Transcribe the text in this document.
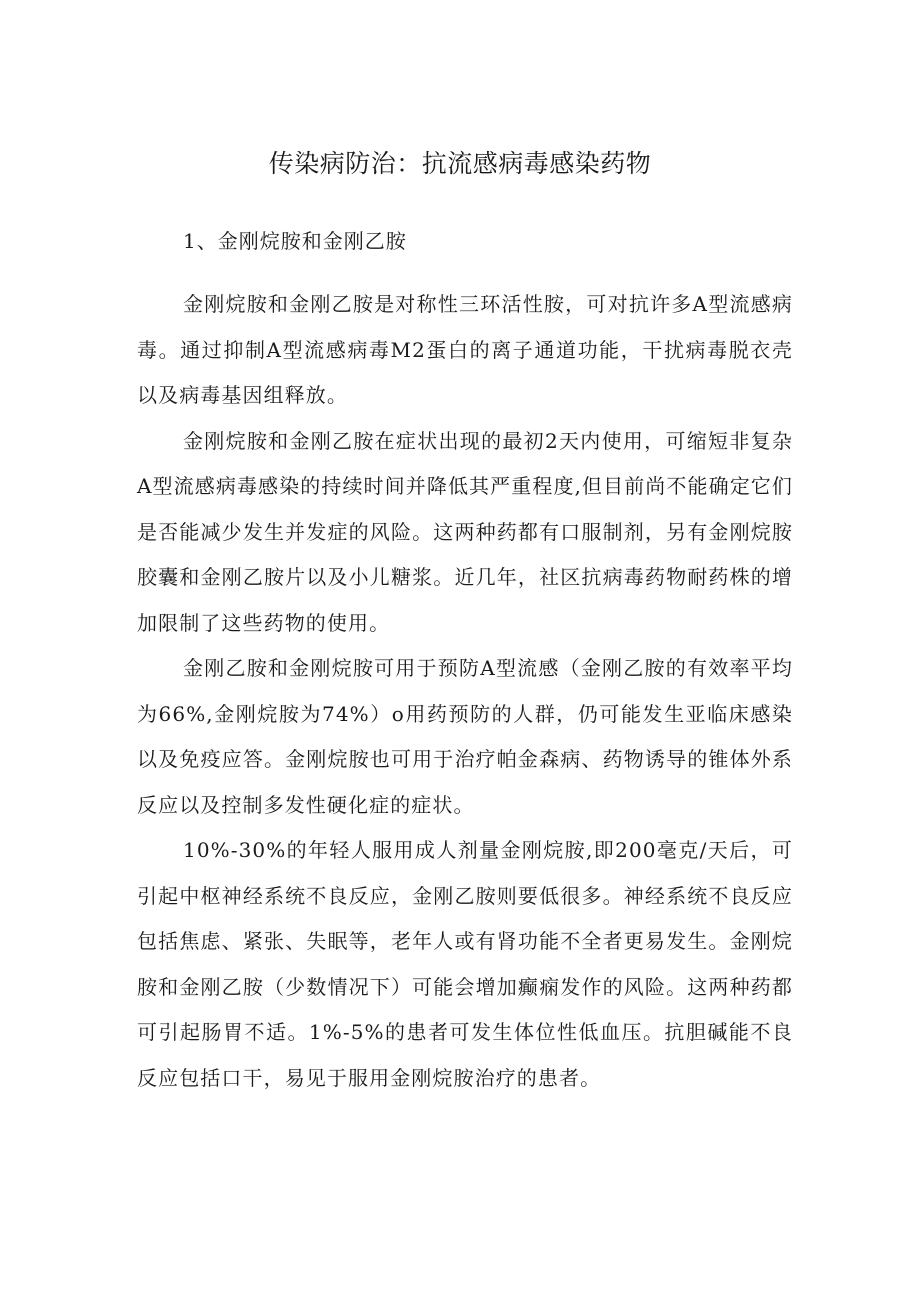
传染病防治：抗流感病毒感染药物

1、金刚烷胺和金刚乙胺

金刚烷胺和金刚乙胺是对称性三环活性胺，可对抗许多A型流感病毒。通过抑制A型流感病毒M2蛋白的离子通道功能，干扰病毒脱衣壳以及病毒基因组释放。

金刚烷胺和金刚乙胺在症状出现的最初2天内使用，可缩短非复杂A型流感病毒感染的持续时间并降低其严重程度,但目前尚不能确定它们是否能减少发生并发症的风险。这两种药都有口服制剂，另有金刚烷胺胶囊和金刚乙胺片以及小儿糖浆。近几年，社区抗病毒药物耐药株的增加限制了这些药物的使用。

金刚乙胺和金刚烷胺可用于预防A型流感（金刚乙胺的有效率平均为66%,金刚烷胺为74%）o用药预防的人群，仍可能发生亚临床感染以及免疫应答。金刚烷胺也可用于治疗帕金森病、药物诱导的锥体外系反应以及控制多发性硬化症的症状。

10%-30%的年轻人服用成人剂量金刚烷胺,即200毫克/天后，可引起中枢神经系统不良反应，金刚乙胺则要低很多。神经系统不良反应包括焦虑、紧张、失眠等，老年人或有肾功能不全者更易发生。金刚烷胺和金刚乙胺（少数情况下）可能会增加癫痫发作的风险。这两种药都可引起肠胃不适。1%-5%的患者可发生体位性低血压。抗胆碱能不良反应包括口干，易见于服用金刚烷胺治疗的患者。
